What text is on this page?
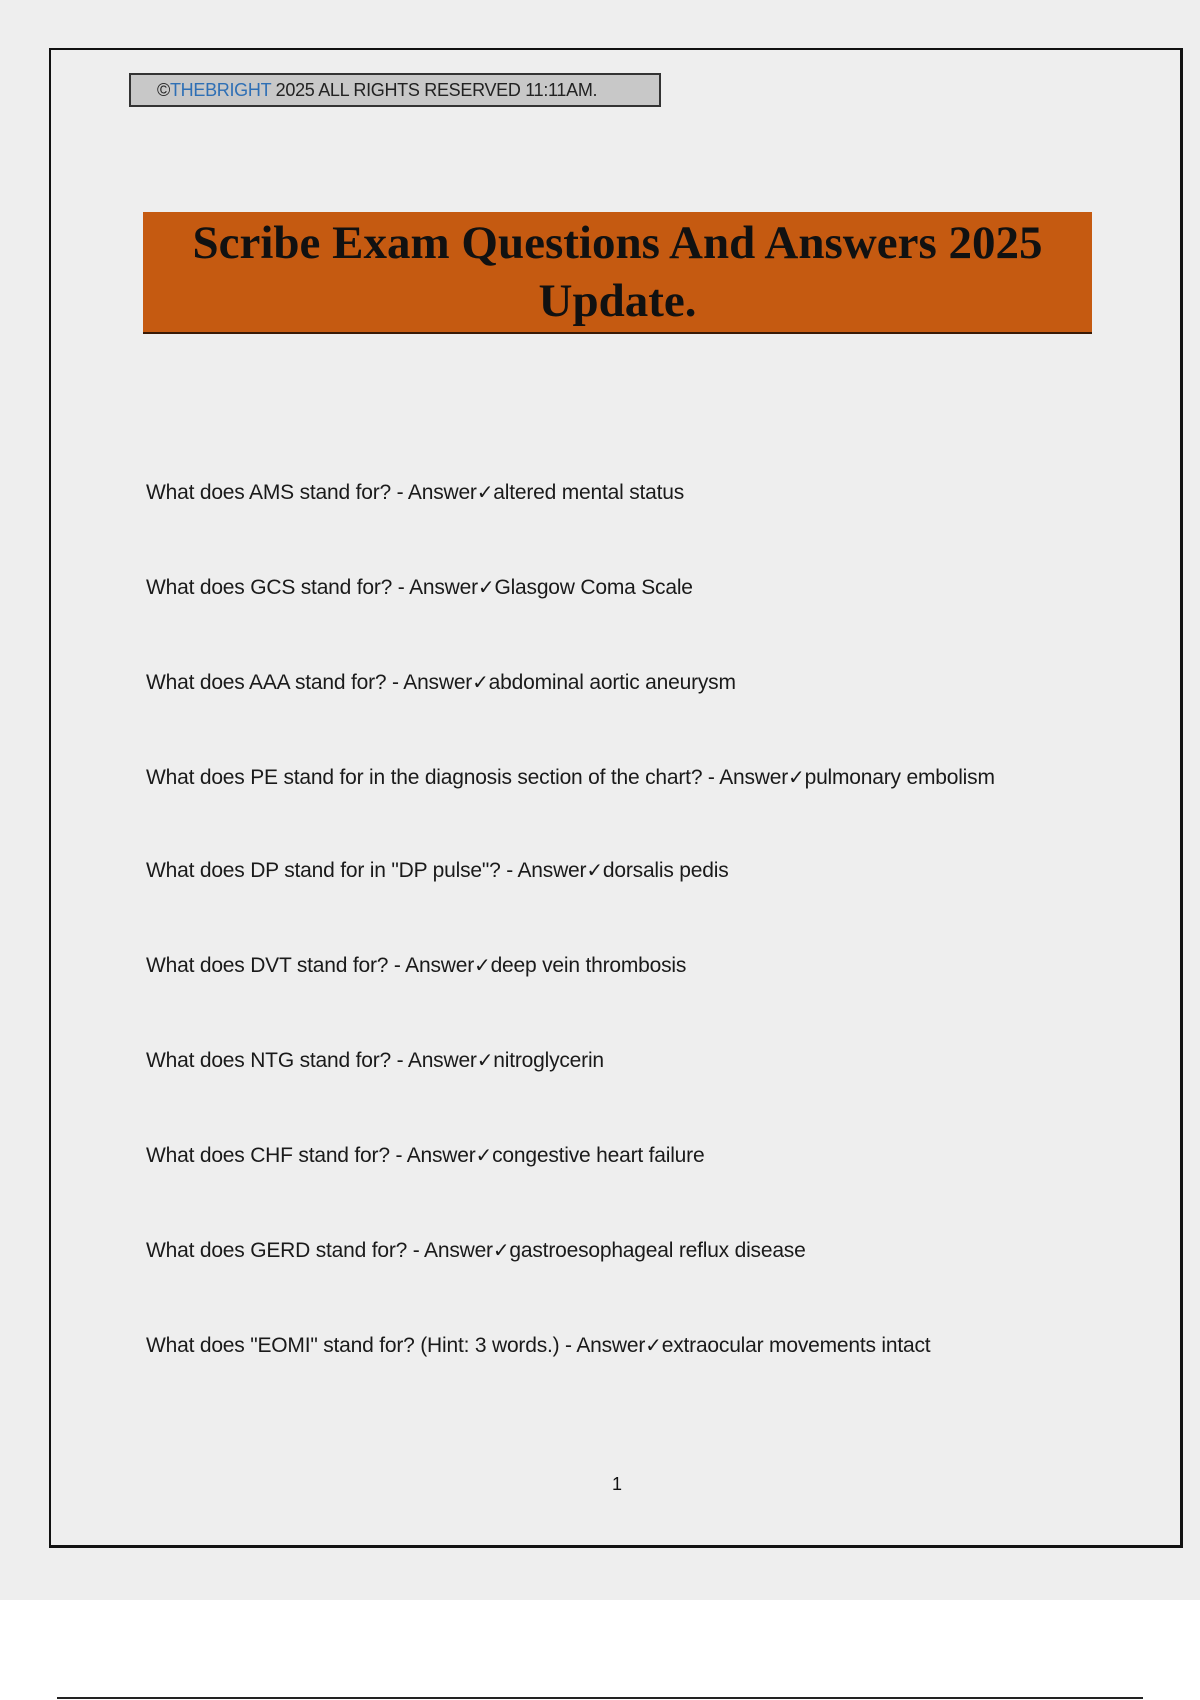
©THEBRIGHT 2025 ALL RIGHTS RESERVED 11:11AM.
Scribe Exam Questions And Answers 2025 Update.
What does AMS stand for? - Answer✓altered mental status
What does GCS stand for? - Answer✓Glasgow Coma Scale
What does AAA stand for? - Answer✓abdominal aortic aneurysm
What does PE stand for in the diagnosis section of the chart? - Answer✓pulmonary embolism
What does DP stand for in "DP pulse"? - Answer✓dorsalis pedis
What does DVT stand for? - Answer✓deep vein thrombosis
What does NTG stand for? - Answer✓nitroglycerin
What does CHF stand for? - Answer✓congestive heart failure
What does GERD stand for? - Answer✓gastroesophageal reflux disease
What does "EOMI" stand for? (Hint: 3 words.) - Answer✓extraocular movements intact
1
